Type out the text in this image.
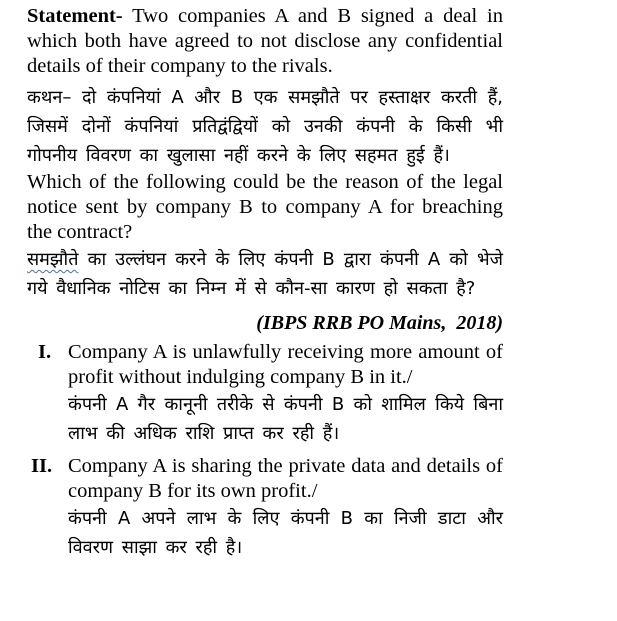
Statement- Two companies A and B signed a deal in which both have agreed to not disclose any confidential details of their company to the rivals.
कथन– दो कंपनियां A और B एक समझौते पर हस्ताक्षर करती हैं, जिसमें दोनों कंपनियां प्रतिद्वंद्वियों को उनकी कंपनी के किसी भी गोपनीय विवरण का खुलासा नहीं करने के लिए सहमत हुई हैं।
Which of the following could be the reason of the legal notice sent by company B to company A for breaching the contract?
समझौते का उल्लंघन करने के लिए कंपनी B द्वारा कंपनी A को भेजे गये वैधानिक नोटिस का निम्न में से कौन-सा कारण हो सकता है?
(IBPS RRB PO Mains,  2018)
I. Company A is unlawfully receiving more amount of profit without indulging company B in it./
कंपनी A गैर कानूनी तरीके से कंपनी B को शामिल किये बिना लाभ की अधिक राशि प्राप्त कर रही हैं।
II. Company A is sharing the private data and details of company B for its own profit./
कंपनी A अपने लाभ के लिए कंपनी B का निजी डाटा और विवरण साझा कर रही है।
